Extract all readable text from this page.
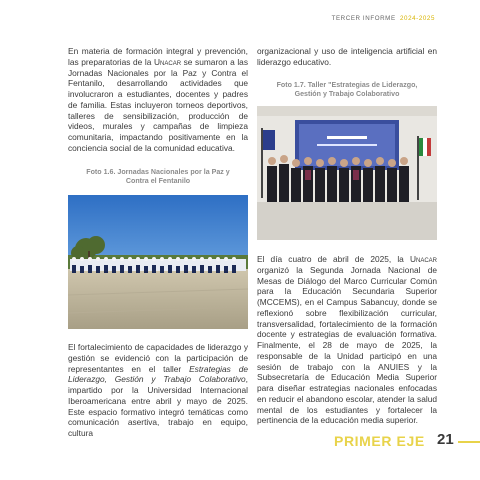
TERCER INFORME 2024-2025
En materia de formación integral y prevención, las preparatorias de la Unacar se sumaron a las Jornadas Nacionales por la Paz y Contra el Fentanilo, desarrollando actividades que involucraron a estudiantes, docentes y padres de familia. Estas incluyeron torneos deportivos, talleres de sensibilización, producción de videos, murales y campañas de limpieza comunitaria, impactando positivamente en la conciencia social de la comunidad educativa.
Foto 1.6. Jornadas Nacionales por la Paz y Contra el Fentanilo
El fortalecimiento de capacidades de liderazgo y gestión se evidenció con la participación de representantes en el taller Estrategias de Liderazgo, Gestión y Trabajo Colaborativo, impartido por la Universidad Internacional Iberoamericana entre abril y mayo de 2025. Este espacio formativo integró temáticas como comunicación asertiva, trabajo en equipo, cultura
organizacional y uso de inteligencia artificial en liderazgo educativo.
Foto 1.7. Taller "Estrategias de Liderazgo, Gestión y Trabajo Colaborativo
El día cuatro de abril de 2025, la Unacar organizó la Segunda Jornada Nacional de Mesas de Diálogo del Marco Curricular Común para la Educación Secundaria Superior (MCCEMS), en el Campus Sabancuy, donde se reflexionó sobre flexibilización curricular, transversalidad, fortalecimiento de la formación docente y estrategias de evaluación formativa. Finalmente, el 28 de mayo de 2025, la responsable de la Unidad participó en una sesión de trabajo con la ANUIES y la Subsecretaría de Educación Media Superior para diseñar estrategias nacionales enfocadas en reducir el abandono escolar, atender la salud mental de los estudiantes y fortalecer la pertinencia de la educación media superior.
PRIMER EJE 21
